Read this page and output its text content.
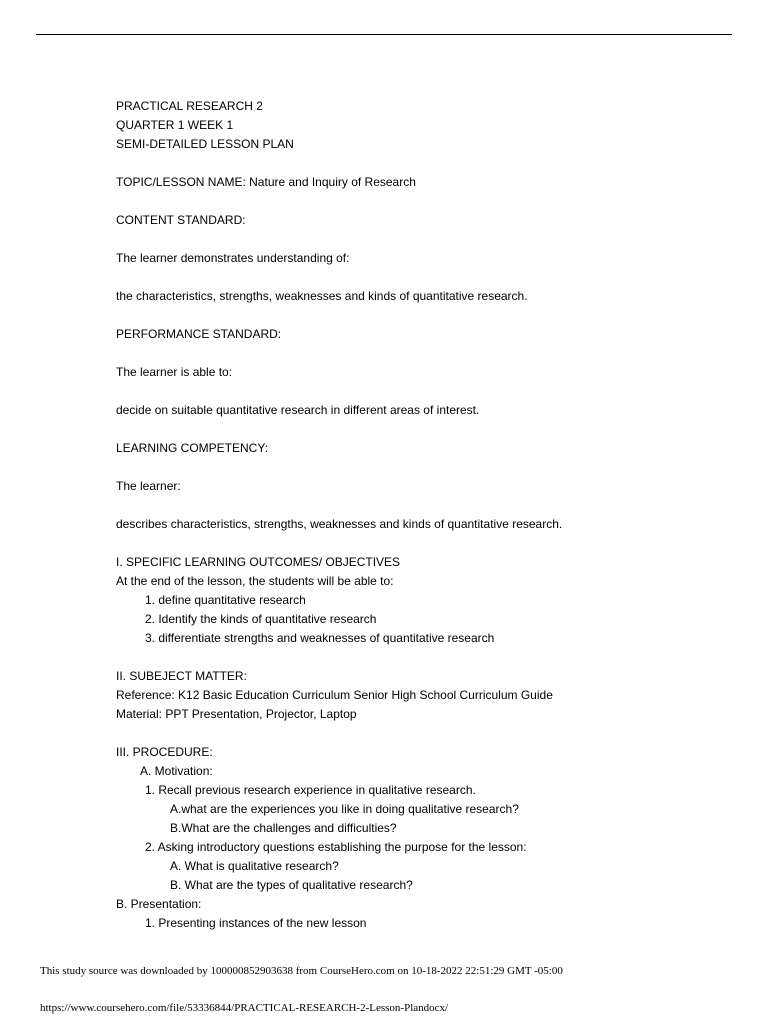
PRACTICAL RESEARCH 2
QUARTER 1 WEEK 1
SEMI-DETAILED LESSON PLAN
TOPIC/LESSON NAME: Nature and Inquiry of Research
CONTENT STANDARD:
The learner demonstrates understanding of:
the characteristics, strengths, weaknesses and kinds of quantitative research.
PERFORMANCE STANDARD:
The learner is able to:
decide on suitable quantitative research in different areas of interest.
LEARNING COMPETENCY:
The learner:
describes characteristics, strengths, weaknesses and kinds of quantitative research.
I. SPECIFIC LEARNING OUTCOMES/ OBJECTIVES
At the end of the lesson, the students will be able to:
1. define quantitative research
2. Identify the kinds of quantitative research
3. differentiate strengths and weaknesses of quantitative research
II. SUBEJECT MATTER:
Reference: K12 Basic Education Curriculum Senior High School Curriculum Guide
Material: PPT Presentation, Projector, Laptop
III. PROCEDURE:
A. Motivation:
1. Recall previous research experience in qualitative research.
A.what are the experiences you like in doing qualitative research?
B.What are the challenges and difficulties?
2. Asking introductory questions establishing the purpose for the lesson:
A. What is qualitative research?
B. What are the types of qualitative research?
B. Presentation:
1. Presenting instances of the new lesson
This study source was downloaded by 100000852903638 from CourseHero.com on 10-18-2022 22:51:29 GMT -05:00
https://www.coursehero.com/file/53336844/PRACTICAL-RESEARCH-2-Lesson-Plandocx/
